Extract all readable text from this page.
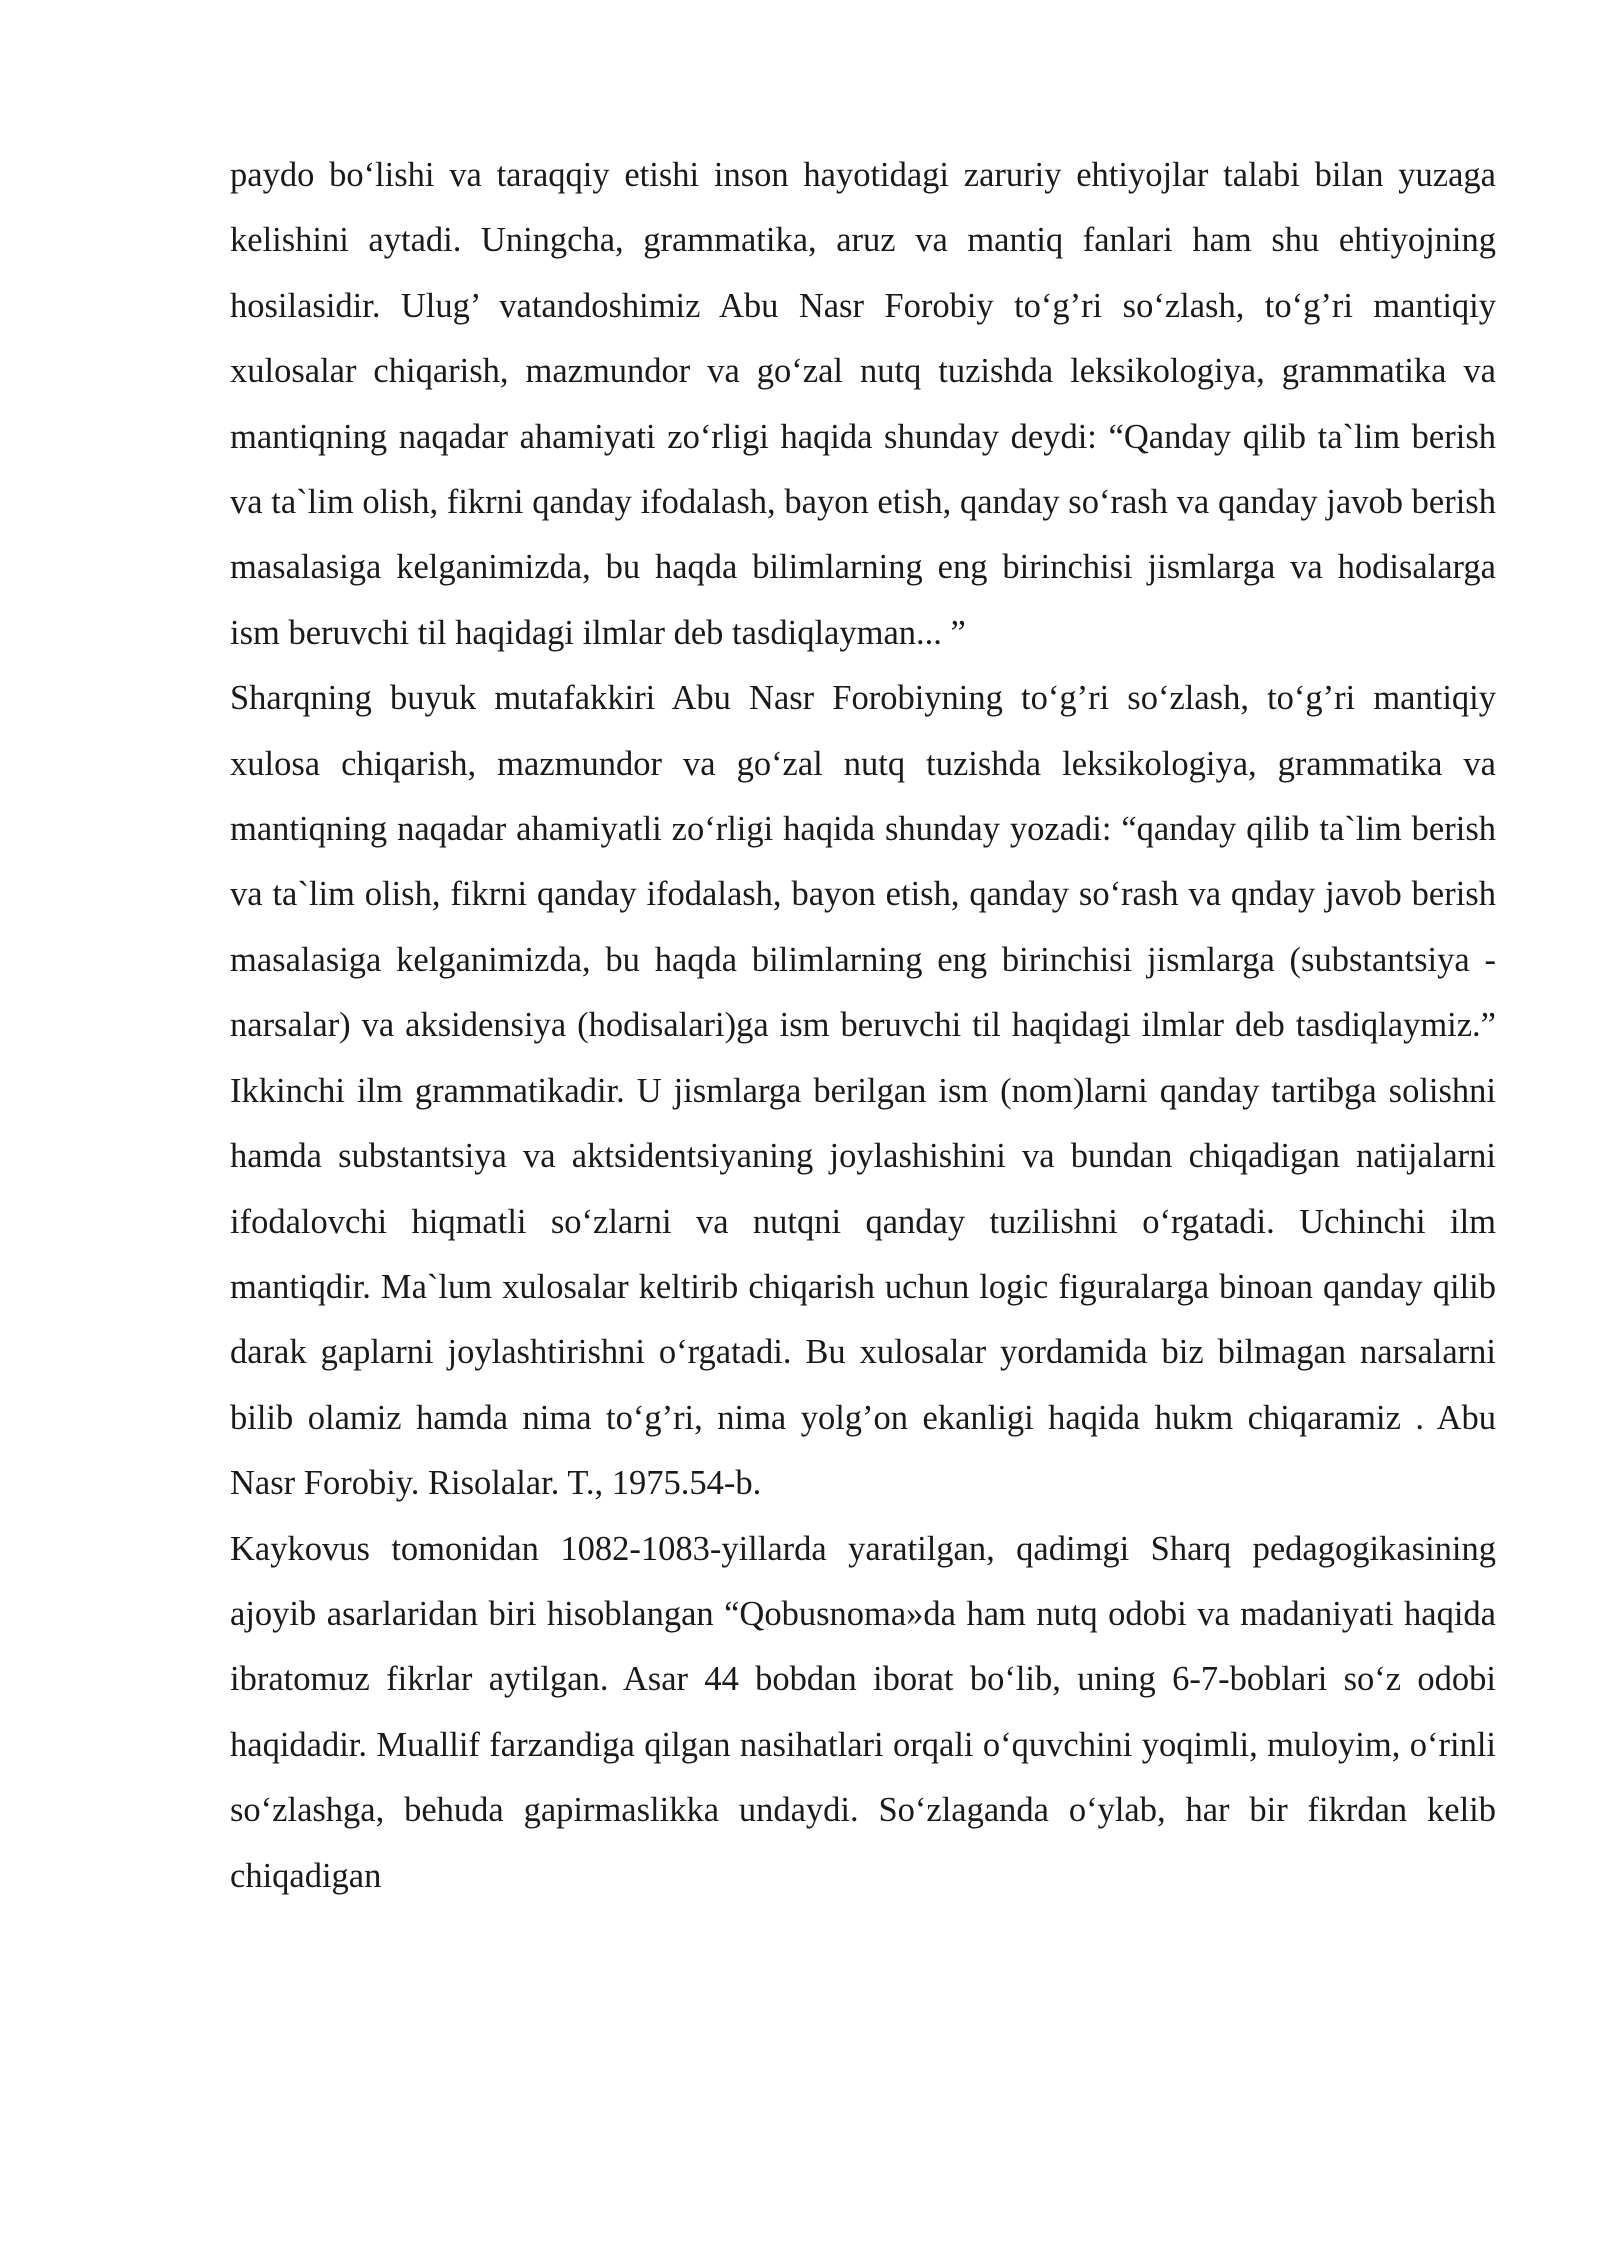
paydo boʻlishi va taraqqiy etishi inson hayotidagi zaruriy ehtiyojlar talabi bilan yuzaga kelishini aytadi. Uningcha, grammatika, aruz va mantiq fanlari ham shu ehtiyojning hosilasidir. Ulug’ vatandoshimiz Abu Nasr Forobiy toʻg’ri soʻzlash, toʻg’ri mantiqiy xulosalar chiqarish, mazmundor va goʻzal nutq tuzishda leksikologiya, grammatika va mantiqning naqadar ahamiyati zoʻrligi haqida shunday deydi: “Qanday qilib ta`lim berish va ta`lim olish, fikrni qanday ifodalash, bayon etish, qanday soʻrash va qanday javob berish masalasiga kelganimizda, bu haqda bilimlarning eng birinchisi jismlarga va hodisalarga ism beruvchi til haqidagi ilmlar deb tasdiqlayman... ”

Sharqning buyuk mutafakkiri Abu Nasr Forobiyning toʻg’ri soʻzlash, toʻg’ri mantiqiy xulosa chiqarish, mazmundor va goʻzal nutq tuzishda leksikologiya, grammatika va mantiqning naqadar ahamiyatli zoʻrligi haqida shunday yozadi: “qanday qilib ta`lim berish va ta`lim olish, fikrni qanday ifodalash, bayon etish, qanday soʻrash va qnday javob berish masalasiga kelganimizda, bu haqda bilimlarning eng birinchisi jismlarga (substantsiya -narsalar) va aksidensiya (hodisalari)ga ism beruvchi til haqidagi ilmlar deb tasdiqlaymiz.” Ikkinchi ilm grammatikadir. U jismlarga berilgan ism (nom)larni qanday tartibga solishni hamda substantsiya va aktsidentsiyaning joylashishini va bundan chiqadigan natijalarni ifodalovchi hiqmatli soʻzlarni va nutqni qanday tuzilishni oʻrgatadi. Uchinchi ilm mantiqdir. Ma`lum xulosalar keltirib chiqarish uchun logic figuralarga binoan qanday qilib darak gaplarni joylashtirishni oʻrgatadi. Bu xulosalar yordamida biz bilmagan narsalarni bilib olamiz hamda nima toʻg’ri, nima yolg’on ekanligi haqida hukm chiqaramiz . Abu Nasr Forobiy. Risolalar. T., 1975.54-b.

Kaykovus tomonidan 1082-1083-yillarda yaratilgan, qadimgi Sharq pedagogikasining ajoyib asarlaridan biri hisoblangan “Qobusnoma»da ham nutq odobi va madaniyati haqida ibratomuz fikrlar aytilgan. Asar 44 bobdan iborat boʻlib, uning 6-7-boblari soʻz odobi haqidadir. Muallif farzandiga qilgan nasihatlari orqali oʻquvchini yoqimli, muloyim, oʻrinli soʻzlashga, behuda gapirmaslikka undaydi. Soʻzlaganda oʻylab, har bir fikrdan kelib chiqadigan
